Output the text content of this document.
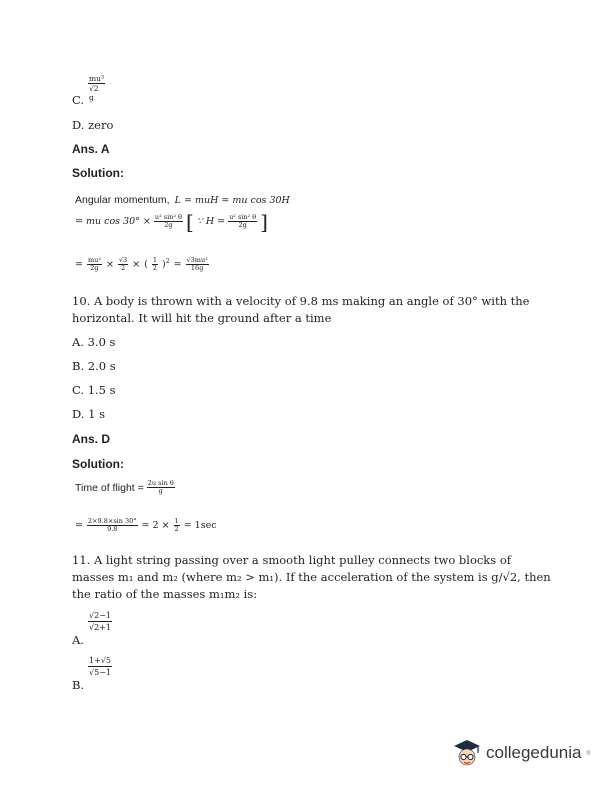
C. $\frac{\text{mu³}}{√2 g}$
D. zero
Ans. A
Solution:
Angular momentum, L = muH = mu cos 30H
= mu $\cos 30^\circ \times \frac{\text{u² sin² θ}}{2g}$ [ ∵ $H = \frac{\text{u² sin² θ}}{2g}$ ]
= $\frac{\text{mu²}}{2g} \times \frac{√3}{2}$ × ( $\frac{1}{2} )^2 = \frac{\text{√3mu³}}{16g}$
10. A body is thrown with a velocity of 9.8 ms making an angle of 30° with the
horizontal. It will hit the ground after a time
A. 3.0 s
B. 2.0 s
C. 1.5 s
D. 1 s
Ans. D
Solution:
Time of flight = $\frac{\text{2u sin θ}}{g}$
= $\frac{2\times 9.8\times\sin 30^\circ}{9.8} = 2 \times \frac{1}{2} = 1\sec$
11. A light string passing over a smooth light pulley connects two blocks of
masses m₁ and m₂ (where m₂ > m₁). If the acceleration of the system is g/√2, then
the ratio of the masses m₁m₂ is:
A.
$\frac{√2-1}{√2+1}$
B.
$\frac{1+√5}{√5-1}$
collegedunia ®
